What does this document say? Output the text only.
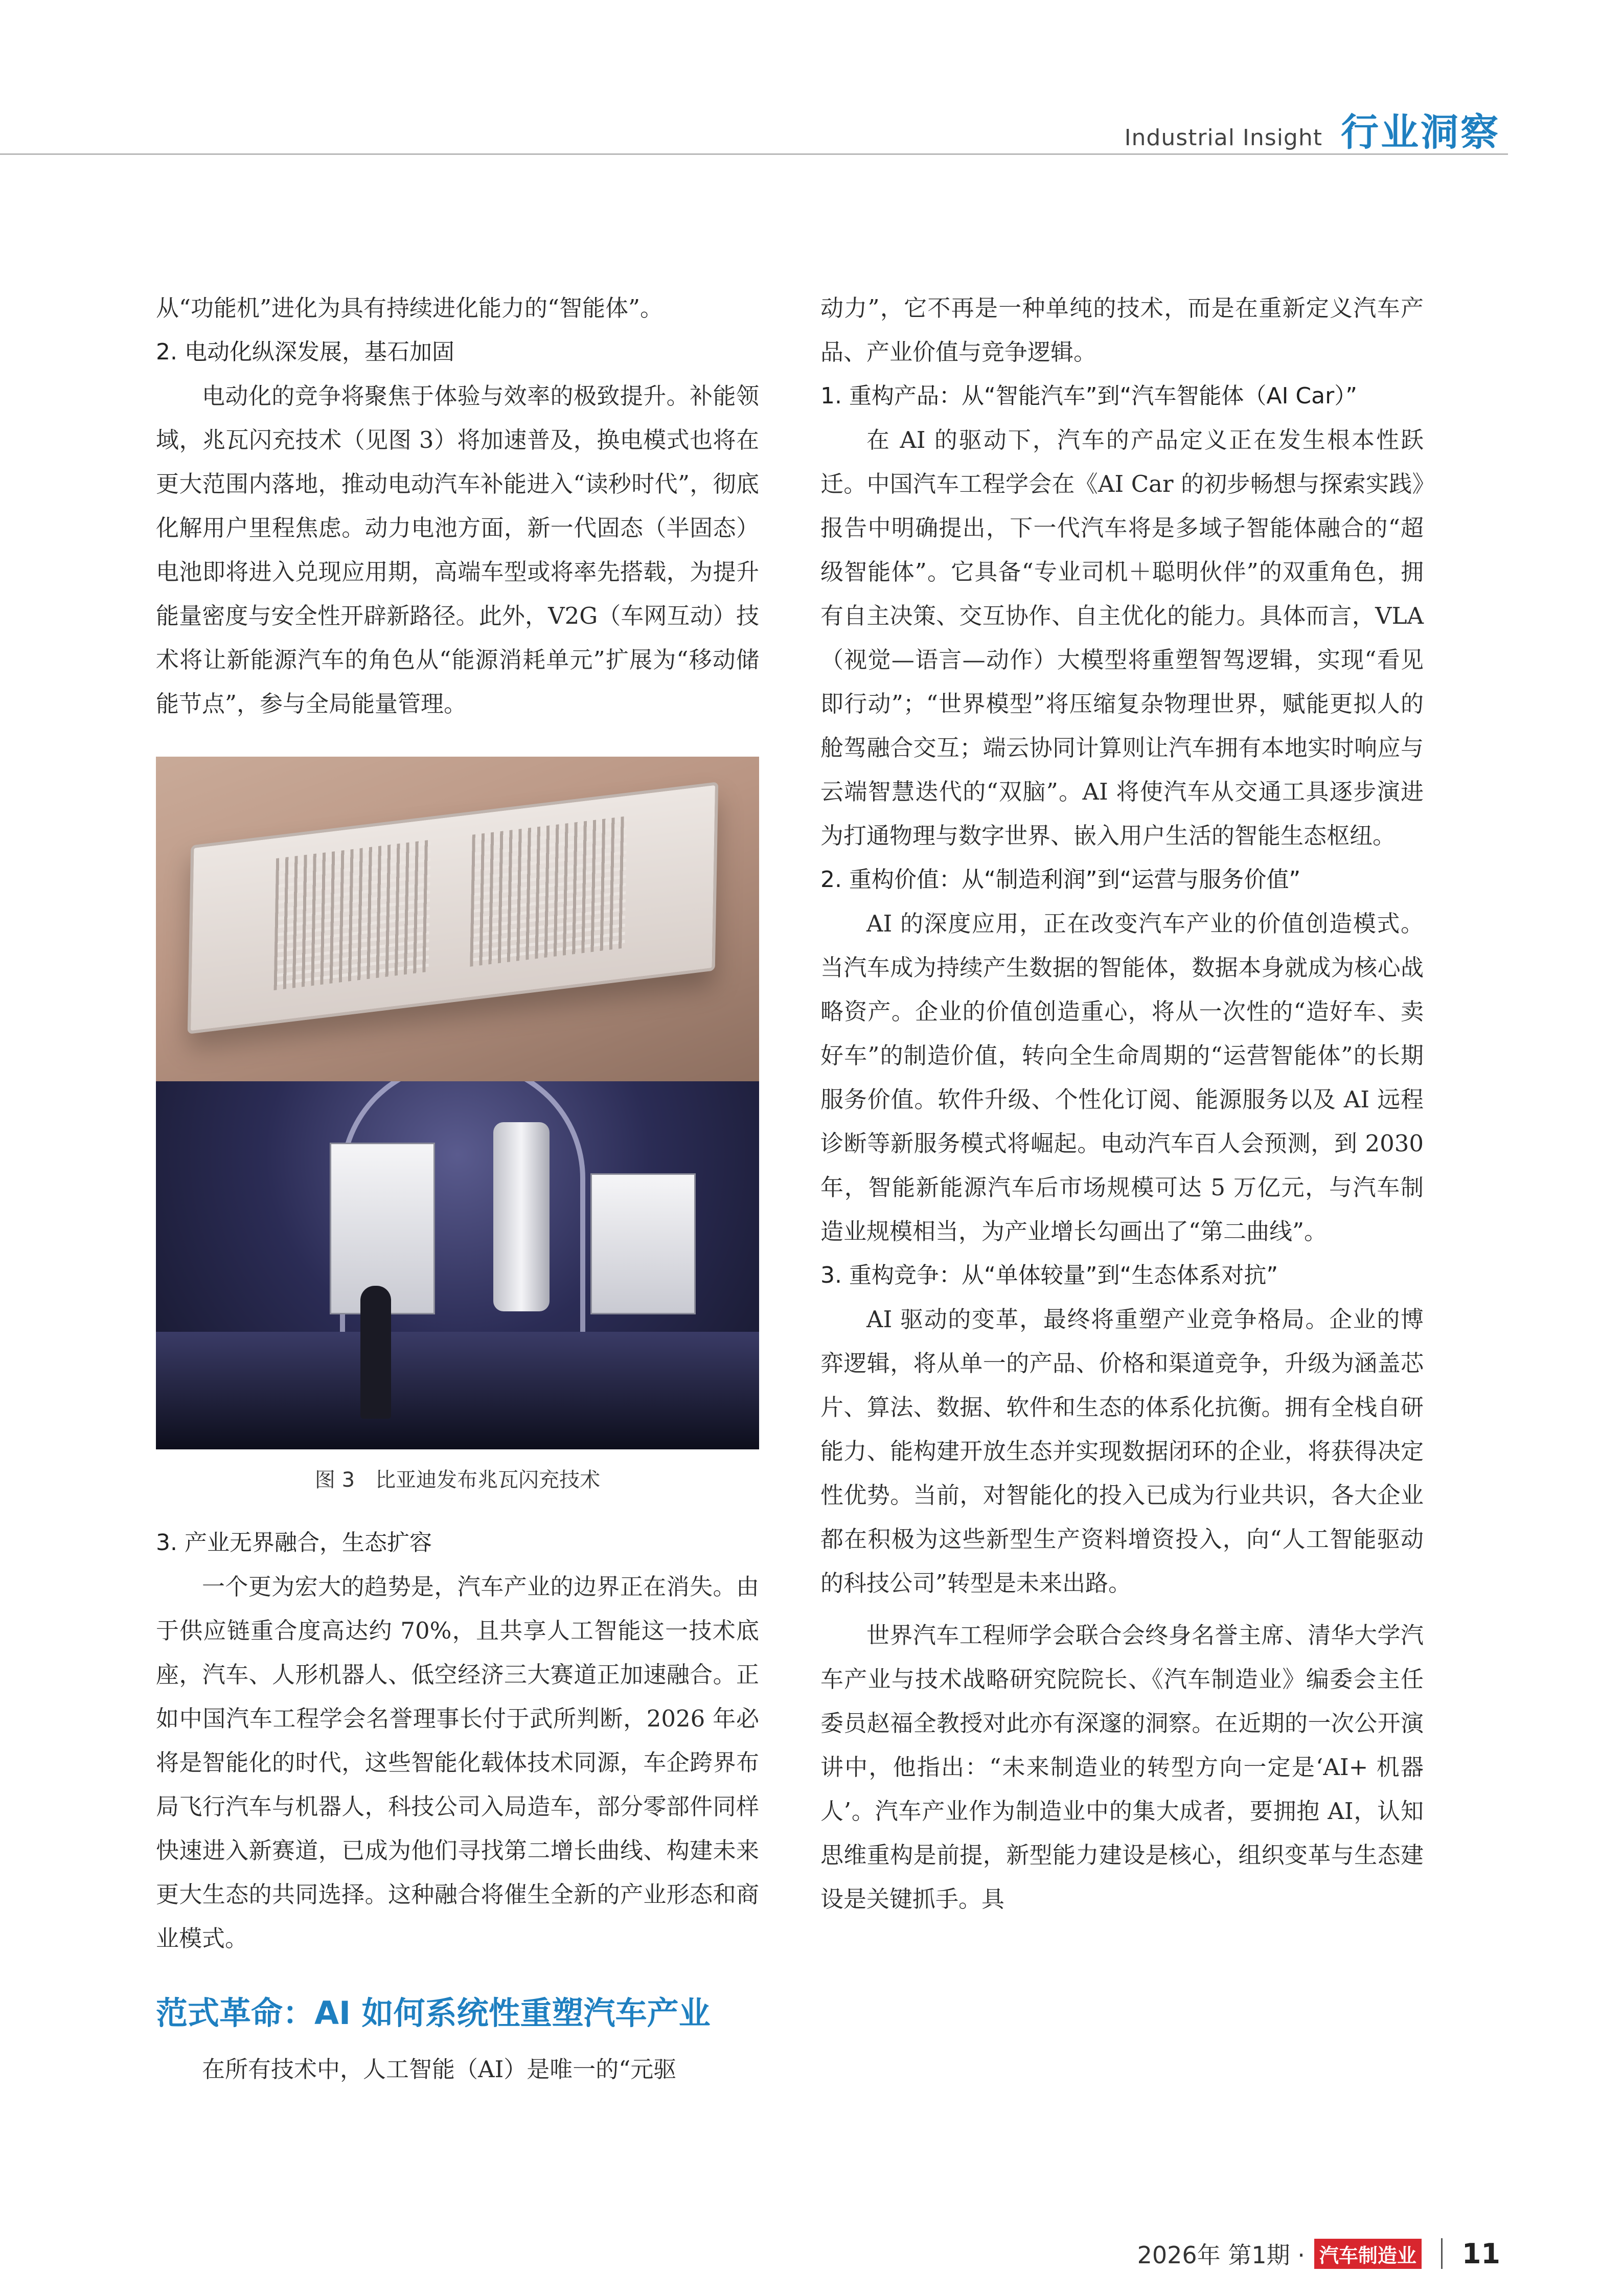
Industrial Insight 行业洞察

从“功能机”进化为具有持续进化能力的“智能体”。

2. 电动化纵深发展，基石加固

电动化的竞争将聚焦于体验与效率的极致提升。补能领域，兆瓦闪充技术（见图 3）将加速普及，换电模式也将在更大范围内落地，推动电动汽车补能进入“读秒时代”，彻底化解用户里程焦虑。动力电池方面，新一代固态（半固态）电池即将进入兑现应用期，高端车型或将率先搭载，为提升能量密度与安全性开辟新路径。此外，V2G（车网互动）技术将让新能源汽车的角色从“能源消耗单元”扩展为“移动储能节点”，参与全局能量管理。

图 3　比亚迪发布兆瓦闪充技术
3. 产业无界融合，生态扩容

一个更为宏大的趋势是，汽车产业的边界正在消失。由于供应链重合度高达约 70%，且共享人工智能这一技术底座，汽车、人形机器人、低空经济三大赛道正加速融合。正如中国汽车工程学会名誉理事长付于武所判断，2026 年必将是智能化的时代，这些智能化载体技术同源，车企跨界布局飞行汽车与机器人，科技公司入局造车，部分零部件同样快速进入新赛道，已成为他们寻找第二增长曲线、构建未来更大生态的共同选择。这种融合将催生全新的产业形态和商业模式。

范式革命：AI 如何系统性重塑汽车产业

在所有技术中，人工智能（AI）是唯一的“元驱

动力”，它不再是一种单纯的技术，而是在重新定义汽车产品、产业价值与竞争逻辑。

1. 重构产品：从“智能汽车”到“汽车智能体（AI Car）”

在 AI 的驱动下，汽车的产品定义正在发生根本性跃迁。中国汽车工程学会在《AI Car 的初步畅想与探索实践》报告中明确提出，下一代汽车将是多域子智能体融合的“超级智能体”。它具备“专业司机＋聪明伙伴”的双重角色，拥有自主决策、交互协作、自主优化的能力。具体而言，VLA（视觉—语言—动作）大模型将重塑智驾逻辑，实现“看见即行动”；“世界模型”将压缩复杂物理世界，赋能更拟人的舱驾融合交互；端云协同计算则让汽车拥有本地实时响应与云端智慧迭代的“双脑”。AI 将使汽车从交通工具逐步演进为打通物理与数字世界、嵌入用户生活的智能生态枢纽。

2. 重构价值：从“制造利润”到“运营与服务价值”

AI 的深度应用，正在改变汽车产业的价值创造模式。当汽车成为持续产生数据的智能体，数据本身就成为核心战略资产。企业的价值创造重心，将从一次性的“造好车、卖好车”的制造价值，转向全生命周期的“运营智能体”的长期服务价值。软件升级、个性化订阅、能源服务以及 AI 远程诊断等新服务模式将崛起。电动汽车百人会预测，到 2030 年，智能新能源汽车后市场规模可达 5 万亿元，与汽车制造业规模相当，为产业增长勾画出了“第二曲线”。

3. 重构竞争：从“单体较量”到“生态体系对抗”

AI 驱动的变革，最终将重塑产业竞争格局。企业的博弈逻辑，将从单一的产品、价格和渠道竞争，升级为涵盖芯片、算法、数据、软件和生态的体系化抗衡。拥有全栈自研能力、能构建开放生态并实现数据闭环的企业，将获得决定性优势。当前，对智能化的投入已成为行业共识，各大企业都在积极为这些新型生产资料增资投入，向“人工智能驱动的科技公司”转型是未来出路。

世界汽车工程师学会联合会终身名誉主席、清华大学汽车产业与技术战略研究院院长、《汽车制造业》编委会主任委员赵福全教授对此亦有深邃的洞察。在近期的一次公开演讲中，他指出：“未来制造业的转型方向一定是‘AI+ 机器人’。汽车产业作为制造业中的集大成者，要拥抱 AI，认知思维重构是前提，新型能力建设是核心，组织变革与生态建设是关键抓手。具

2026年 第1期 · 汽车制造业 11
